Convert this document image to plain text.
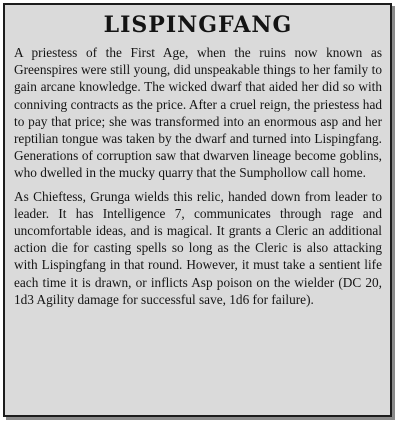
LISPINGFANG

A priestess of the First Age, when the ruins now known as Greenspires were still young, did unspeakable things to her family to gain arcane knowledge. The wicked dwarf that aided her did so with conniving contracts as the price. After a cruel reign, the priestess had to pay that price; she was transformed into an enormous asp and her reptilian tongue was taken by the dwarf and turned into Lispingfang. Generations of corruption saw that dwarven lineage become goblins, who dwelled in the mucky quarry that the Sumphollow call home.

As Chieftess, Grunga wields this relic, handed down from leader to leader. It has Intelligence 7, communicates through rage and uncomfortable ideas, and is magical. It grants a Cleric an additional action die for casting spells so long as the Cleric is also attacking with Lispingfang in that round. However, it must take a sentient life each time it is drawn, or inflicts Asp poison on the wielder (DC 20, 1d3 Agility damage for successful save, 1d6 for failure).
